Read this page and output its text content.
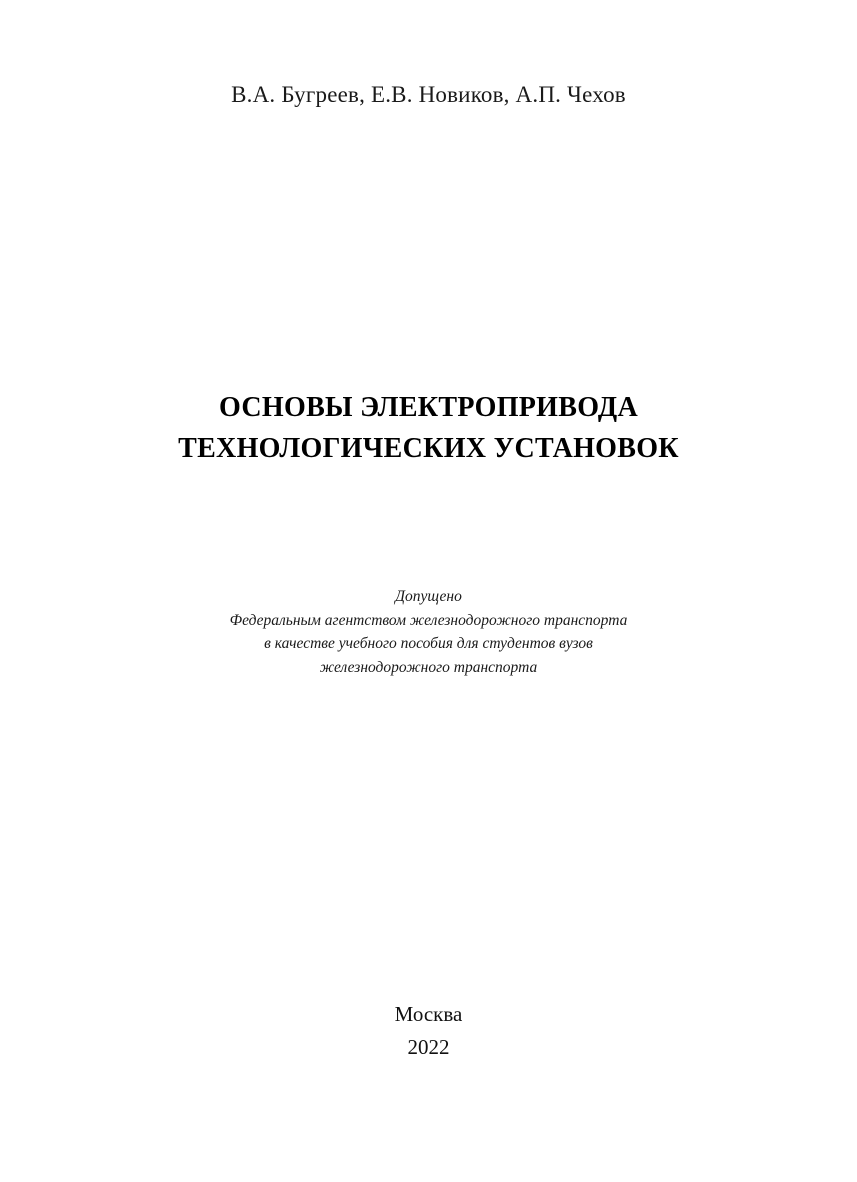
В.А. Бугреев, Е.В. Новиков, А.П. Чехов
ОСНОВЫ ЭЛЕКТРОПРИВОДА
ТЕХНОЛОГИЧЕСКИХ УСТАНОВОК
Допущено
Федеральным агентством железнодорожного транспорта
в качестве учебного пособия для студентов вузов
железнодорожного транспорта
Москва
2022
